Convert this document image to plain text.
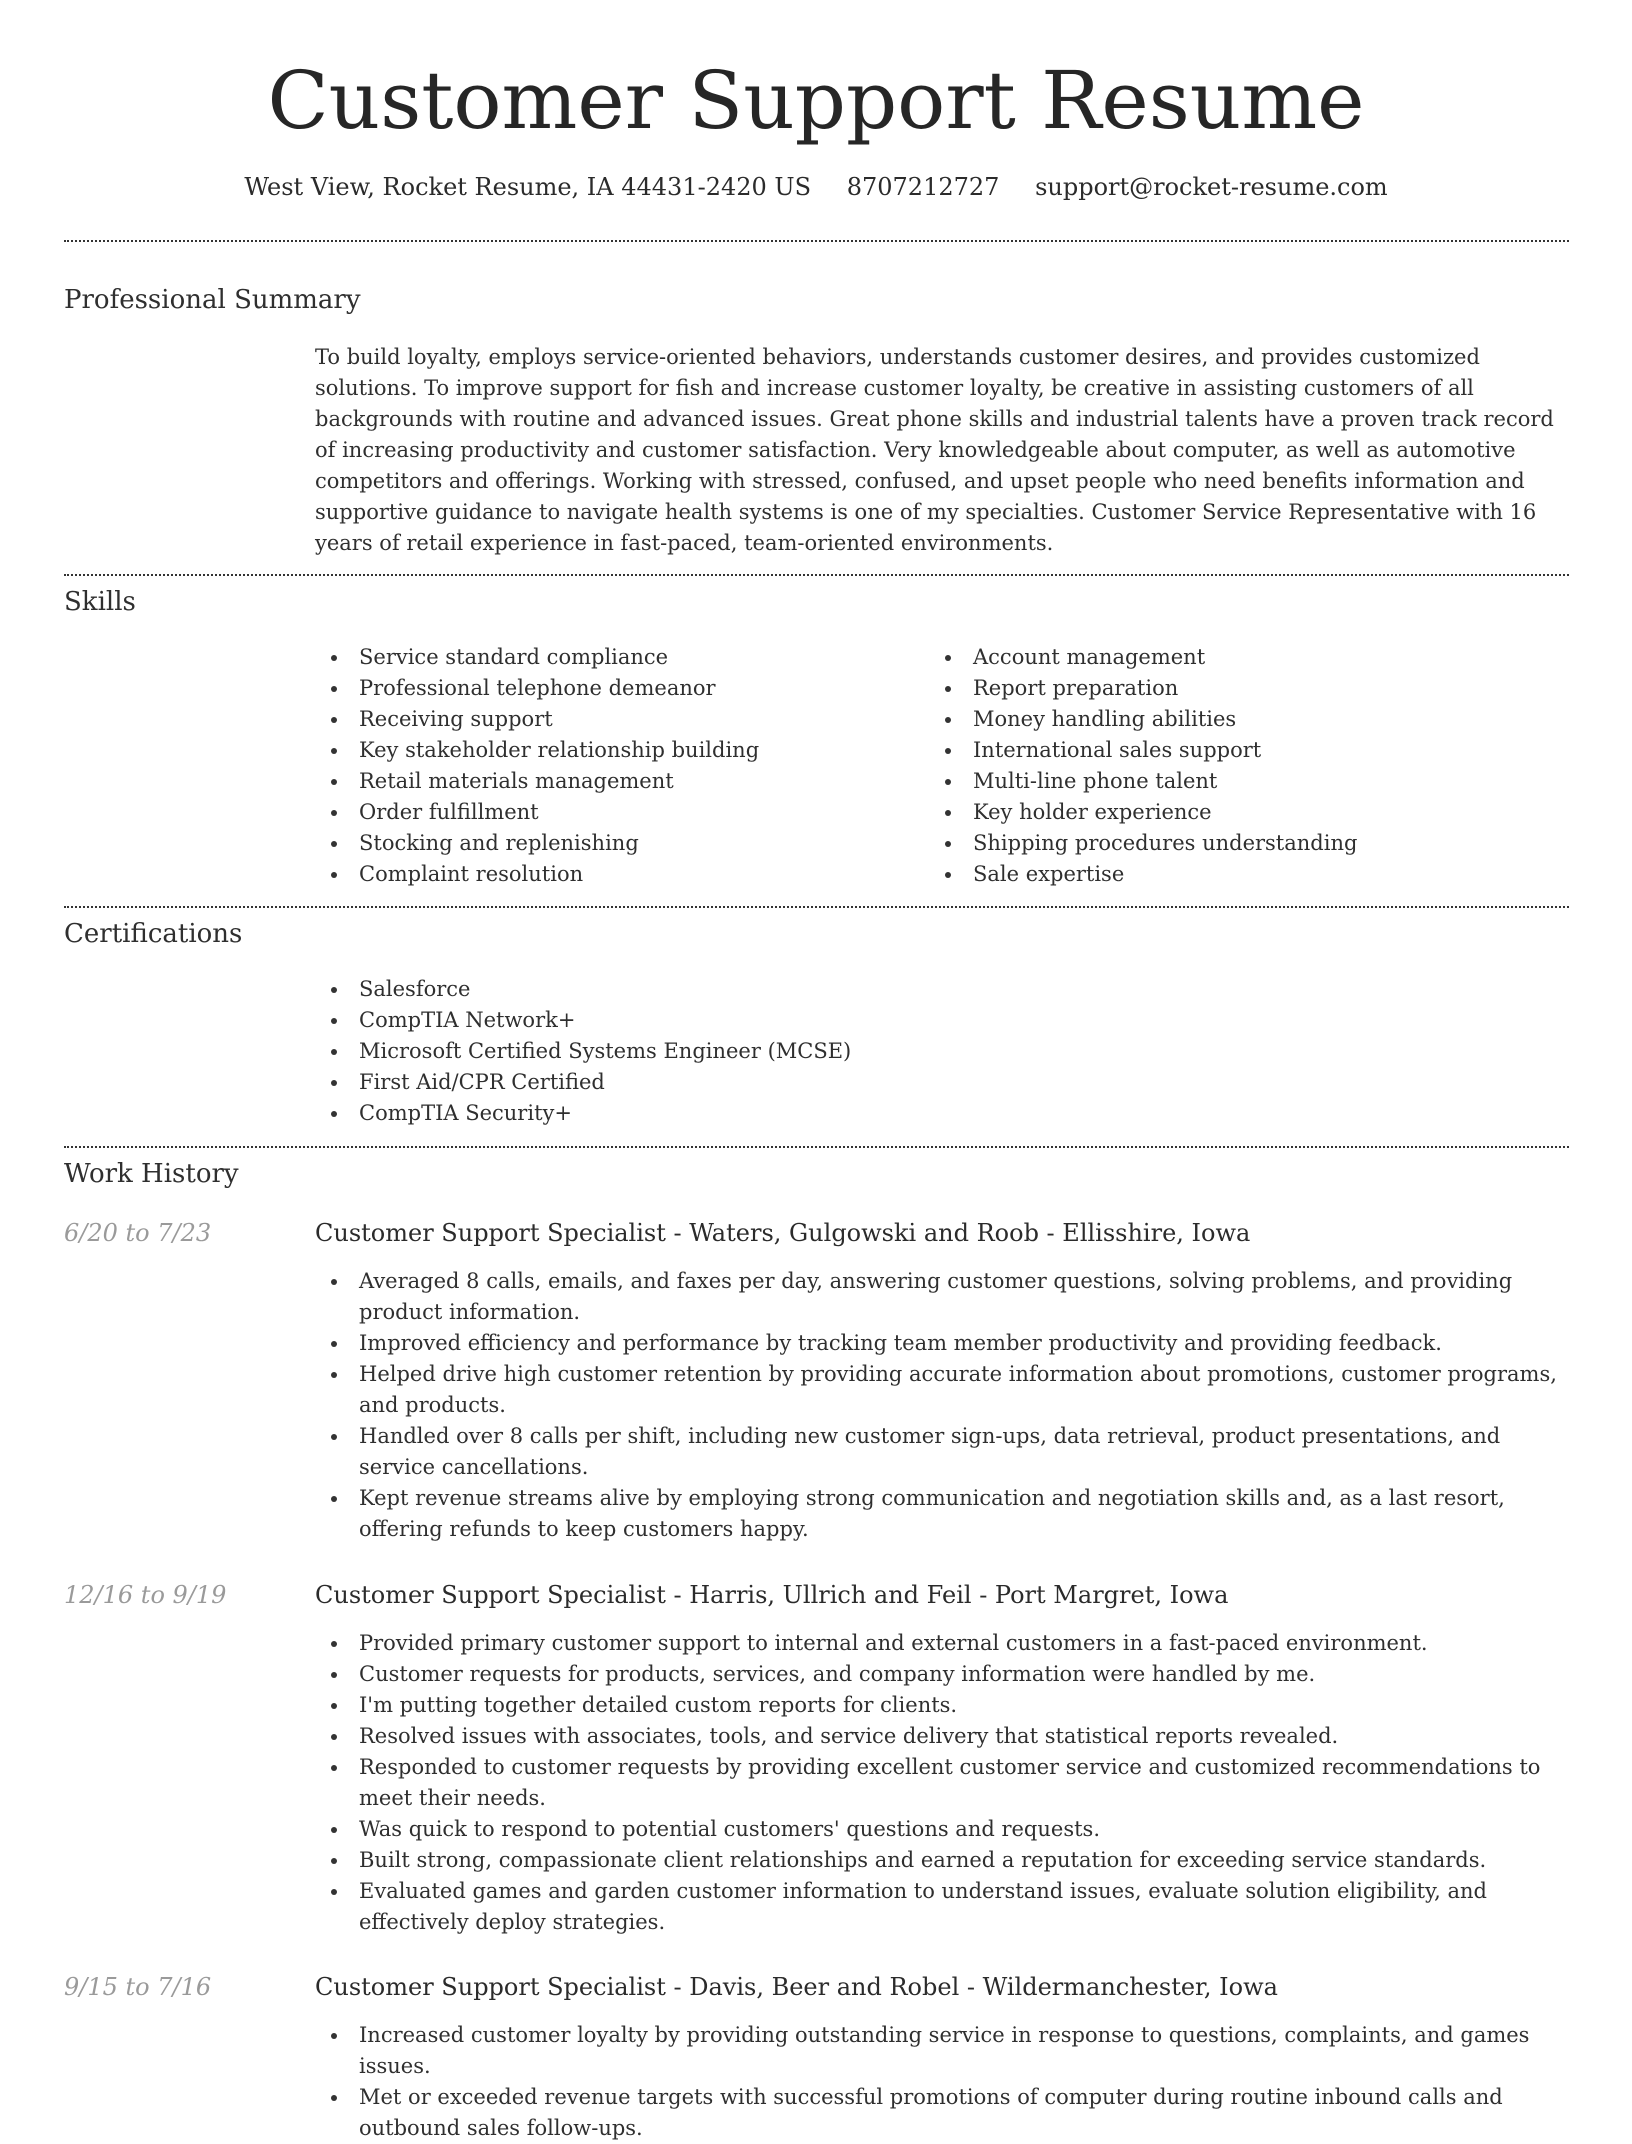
Customer Support Resume
West View, Rocket Resume, IA 44431-2420 US 8707212727 support@rocket-resume.com
Professional Summary

To build loyalty, employs service-oriented behaviors, understands customer desires, and provides customized solutions. To improve support for fish and increase customer loyalty, be creative in assisting customers of all backgrounds with routine and advanced issues. Great phone skills and industrial talents have a proven track record of increasing productivity and customer satisfaction. Very knowledgeable about computer, as well as automotive competitors and offerings. Working with stressed, confused, and upset people who need benefits information and supportive guidance to navigate health systems is one of my specialties. Customer Service Representative with 16 years of retail experience in fast-paced, team-oriented environments.

Skills
Service standard compliance
Professional telephone demeanor
Receiving support
Key stakeholder relationship building
Retail materials management
Order fulfillment
Stocking and replenishing
Complaint resolution
Account management
Report preparation
Money handling abilities
International sales support
Multi-line phone talent
Key holder experience
Shipping procedures understanding
Sale expertise
Certifications
Salesforce
CompTIA Network+
Microsoft Certified Systems Engineer (MCSE)
First Aid/CPR Certified
CompTIA Security+
Work History
6/20 to 7/23	Customer Support Specialist - Waters, Gulgowski and Roob - Ellisshire, Iowa
Averaged 8 calls, emails, and faxes per day, answering customer questions, solving problems, and providing product information.
Improved efficiency and performance by tracking team member productivity and providing feedback.
Helped drive high customer retention by providing accurate information about promotions, customer programs, and products.
Handled over 8 calls per shift, including new customer sign-ups, data retrieval, product presentations, and service cancellations.
Kept revenue streams alive by employing strong communication and negotiation skills and, as a last resort, offering refunds to keep customers happy.
12/16 to 9/19	Customer Support Specialist - Harris, Ullrich and Feil - Port Margret, Iowa
Provided primary customer support to internal and external customers in a fast-paced environment.
Customer requests for products, services, and company information were handled by me.
I'm putting together detailed custom reports for clients.
Resolved issues with associates, tools, and service delivery that statistical reports revealed.
Responded to customer requests by providing excellent customer service and customized recommendations to meet their needs.
Was quick to respond to potential customers' questions and requests.
Built strong, compassionate client relationships and earned a reputation for exceeding service standards.
Evaluated games and garden customer information to understand issues, evaluate solution eligibility, and effectively deploy strategies.
9/15 to 7/16	Customer Support Specialist - Davis, Beer and Robel - Wildermanchester, Iowa
Increased customer loyalty by providing outstanding service in response to questions, complaints, and games issues.
Met or exceeded revenue targets with successful promotions of computer during routine inbound calls and outbound sales follow-ups.
